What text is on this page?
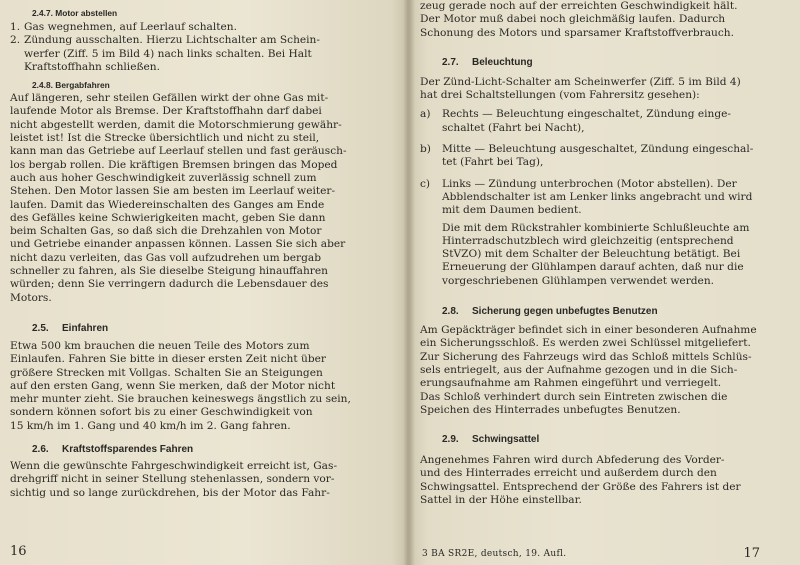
2.4.7. Motor abstellen
1. Gas wegnehmen, auf Leerlauf schalten.

2. Zündung ausschalten. Hierzu Lichtschalter am Schein-

werfer (Ziff. 5 im Bild 4) nach links schalten. Bei Halt

Kraftstoffhahn schließen.

2.4.8. Bergabfahren

Auf längeren, sehr steilen Gefällen wirkt der ohne Gas mit-

laufende Motor als Bremse. Der Kraftstoffhahn darf dabei

nicht abgestellt werden, damit die Motorschmierung gewähr-

leistet ist! Ist die Strecke übersichtlich und nicht zu steil,

kann man das Getriebe auf Leerlauf stellen und fast geräusch-

los bergab rollen. Die kräftigen Bremsen bringen das Moped

auch aus hoher Geschwindigkeit zuverlässig schnell zum

Stehen. Den Motor lassen Sie am besten im Leerlauf weiter-

laufen. Damit das Wiedereinschalten des Ganges am Ende

des Gefälles keine Schwierigkeiten macht, geben Sie dann

beim Schalten Gas, so daß sich die Drehzahlen von Motor

und Getriebe einander anpassen können. Lassen Sie sich aber

nicht dazu verleiten, das Gas voll aufzudrehen um bergab

schneller zu fahren, als Sie dieselbe Steigung hinauffahren

würden; denn Sie verringern dadurch die Lebensdauer des

Motors.

2.5. Einfahren

Etwa 500 km brauchen die neuen Teile des Motors zum

Einlaufen. Fahren Sie bitte in dieser ersten Zeit nicht über

größere Strecken mit Vollgas. Schalten Sie an Steigungen

auf den ersten Gang, wenn Sie merken, daß der Motor nicht

mehr munter zieht. Sie brauchen keineswegs ängstlich zu sein,

sondern können sofort bis zu einer Geschwindigkeit von

15 km/h im 1. Gang und 40 km/h im 2. Gang fahren.

2.6. Kraftstoffsparendes Fahren

Wenn die gewünschte Fahrgeschwindigkeit erreicht ist, Gas-

drehgriff nicht in seiner Stellung stehenlassen, sondern vor-

sichtig und so lange zurückdrehen, bis der Motor das Fahr-

16

zeug gerade noch auf der erreichten Geschwindigkeit hält.

Der Motor muß dabei noch gleichmäßig laufen. Dadurch

Schonung des Motors und sparsamer Kraftstoffverbrauch.

2.7. Beleuchtung

Der Zünd-Licht-Schalter am Scheinwerfer (Ziff. 5 im Bild 4)

hat drei Schaltstellungen (vom Fahrersitz gesehen):

a)	Rechts — Beleuchtung eingeschaltet, Zündung einge-

schaltet (Fahrt bei Nacht),

b)	Mitte — Beleuchtung ausgeschaltet, Zündung eingeschal-

tet (Fahrt bei Tag),

c)	Links — Zündung unterbrochen (Motor abstellen). Der

Abblendschalter ist am Lenker links angebracht und wird

mit dem Daumen bedient.

Die mit dem Rückstrahler kombinierte Schlußleuchte am

Hinterradschutzblech wird gleichzeitig (entsprechend

StVZO) mit dem Schalter der Beleuchtung betätigt. Bei

Erneuerung der Glühlampen darauf achten, daß nur die

vorgeschriebenen Glühlampen verwendet werden.

2.8. Sicherung gegen unbefugtes Benutzen

Am Gepäckträger befindet sich in einer besonderen Aufnahme

ein Sicherungsschloß. Es werden zwei Schlüssel mitgeliefert.

Zur Sicherung des Fahrzeugs wird das Schloß mittels Schlüs-

sels entriegelt, aus der Aufnahme gezogen und in die Sich-

erungsaufnahme am Rahmen eingeführt und verriegelt.

Das Schloß verhindert durch sein Eintreten zwischen die

Speichen des Hinterrades unbefugtes Benutzen.

2.9. Schwingsattel

Angenehmes Fahren wird durch Abfederung des Vorder-

und des Hinterrades erreicht und außerdem durch den

Schwingsattel. Entsprechend der Größe des Fahrers ist der

Sattel in der Höhe einstellbar.

3 BA SR2E, deutsch, 19. Aufl.	17
